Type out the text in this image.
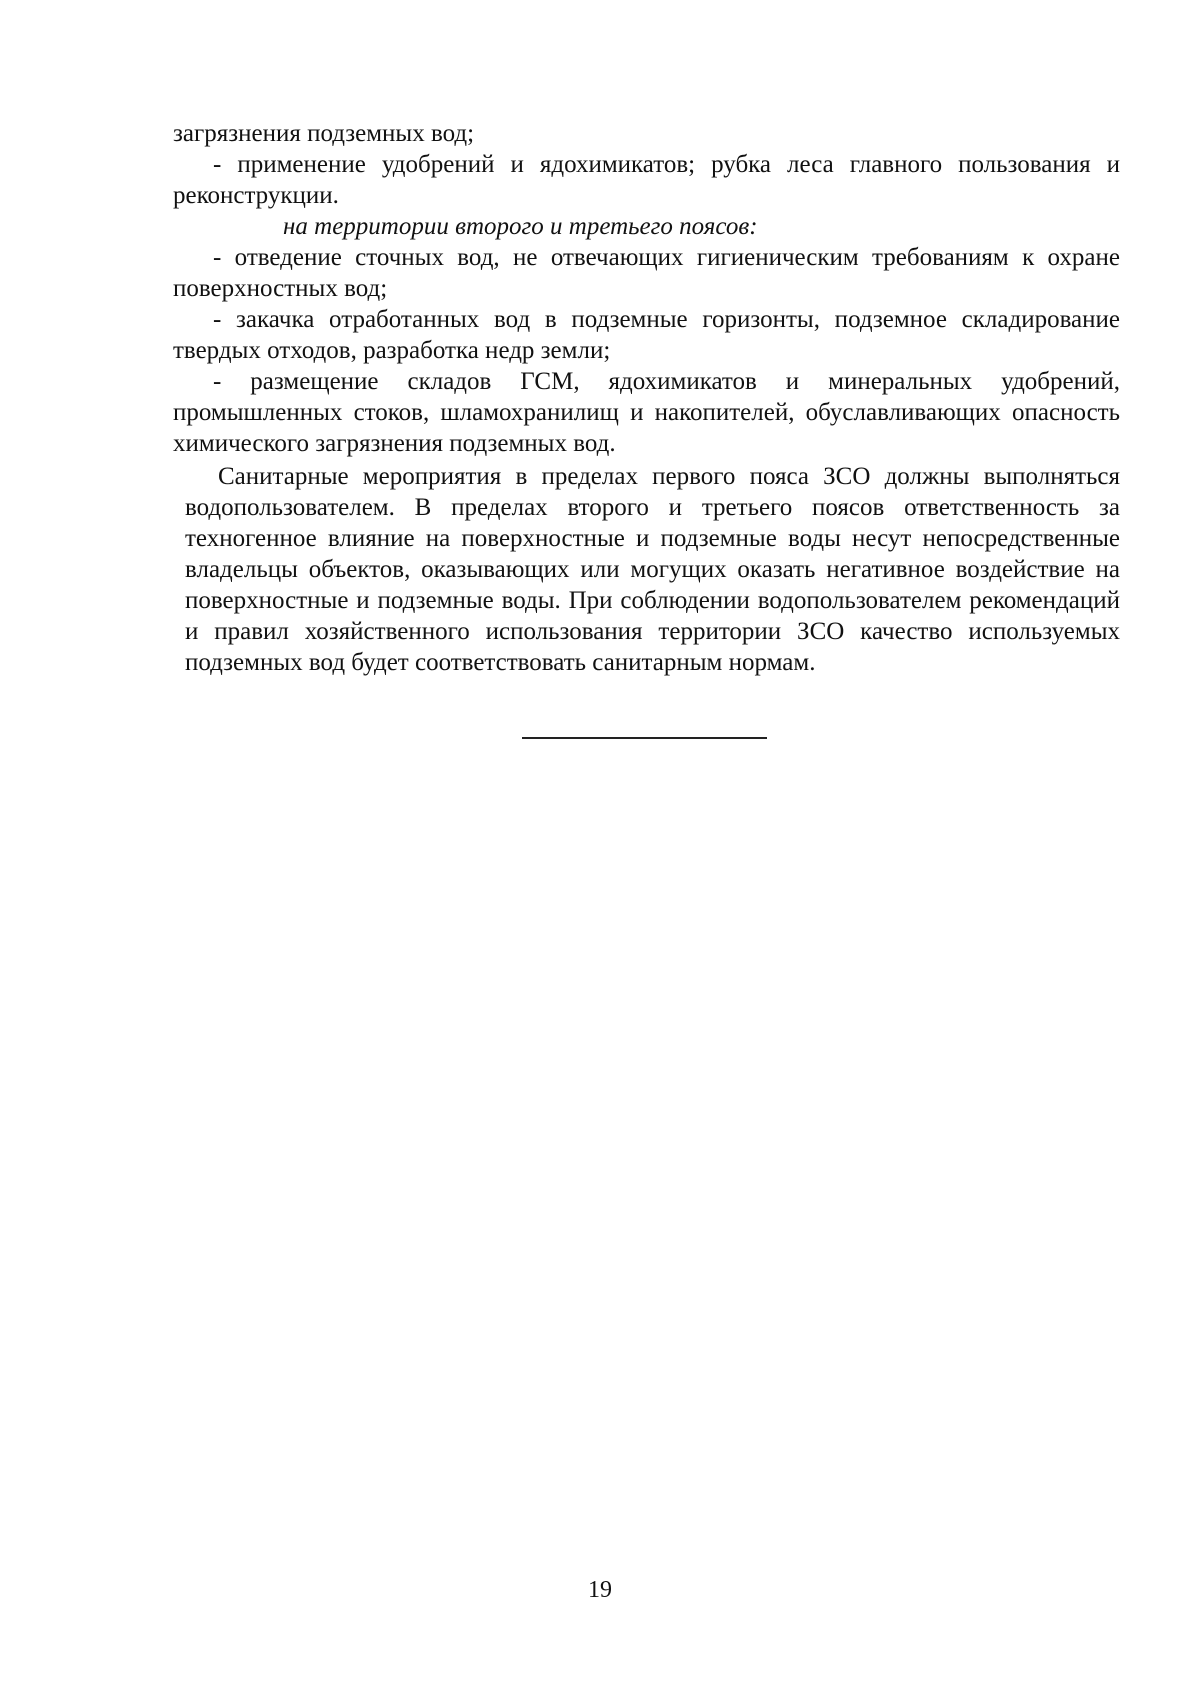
загрязнения подземных вод;

- применение удобрений и ядохимикатов; рубка леса главного пользования и реконструкции.

на территории второго и третьего поясов:

- отведение сточных вод, не отвечающих гигиеническим требованиям к охране поверхностных вод;

- закачка отработанных вод в подземные горизонты, подземное складирование твердых отходов, разработка недр земли;

- размещение складов ГСМ, ядохимикатов и минеральных удобрений, промышленных стоков, шламохранилищ и накопителей, обуславливающих опасность химического загрязнения подземных вод.

Санитарные мероприятия в пределах первого пояса ЗСО должны выполняться водопользователем. В пределах второго и третьего поясов ответственность за техногенное влияние на поверхностные и подземные воды несут непосредственные владельцы объектов, оказывающих или могущих оказать негативное воздействие на поверхностные и подземные воды. При соблюдении водопользователем рекомендаций и правил хозяйственного использования территории ЗСО качество используемых подземных вод будет соответствовать санитарным нормам.

19
